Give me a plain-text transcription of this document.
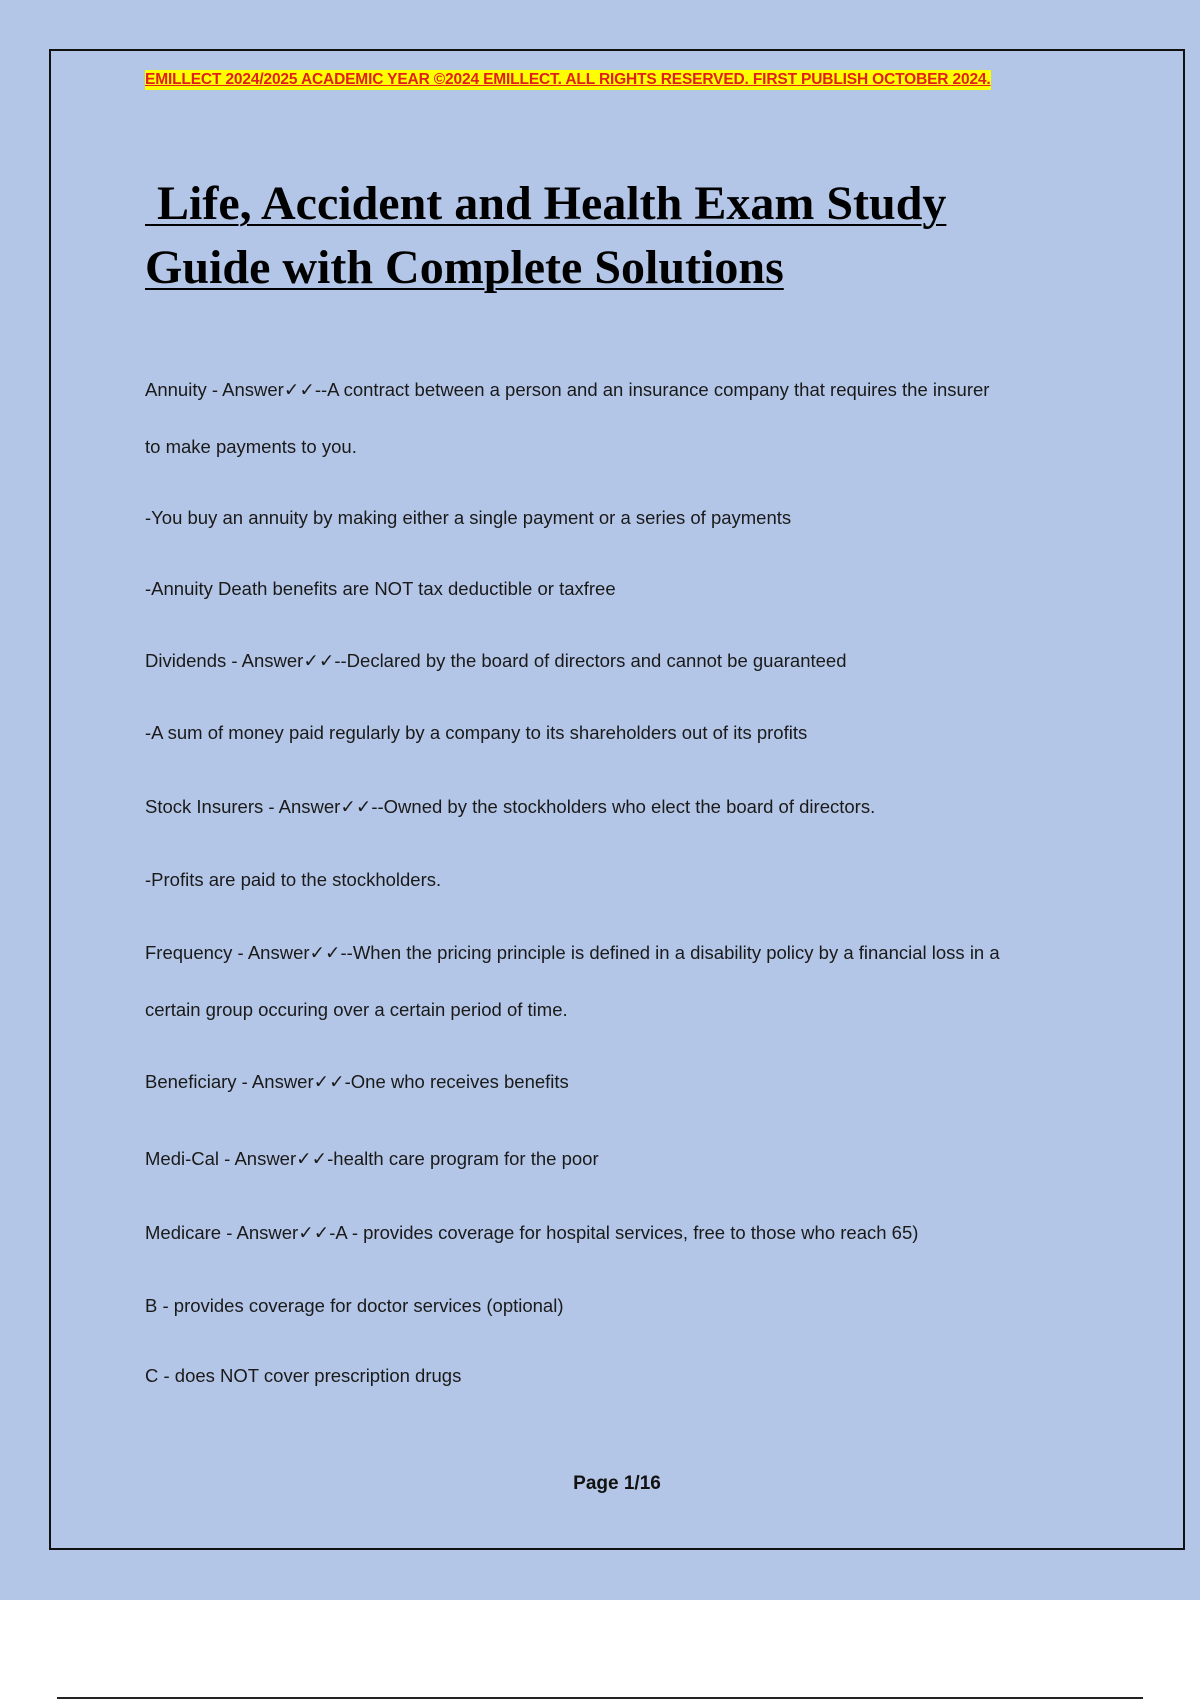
EMILLECT 2024/2025 ACADEMIC YEAR ©2024 EMILLECT. ALL RIGHTS RESERVED. FIRST PUBLISH OCTOBER 2024.
Life, Accident and Health Exam Study
Guide with Complete Solutions

Annuity - Answer✓✓--A contract between a person and an insurance company that requires the insurer

to make payments to you.

-You buy an annuity by making either a single payment or a series of payments

-Annuity Death benefits are NOT tax deductible or taxfree

Dividends - Answer✓✓--Declared by the board of directors and cannot be guaranteed

-A sum of money paid regularly by a company to its shareholders out of its profits

Stock Insurers - Answer✓✓--Owned by the stockholders who elect the board of directors.

-Profits are paid to the stockholders.

Frequency - Answer✓✓--When the pricing principle is defined in a disability policy by a financial loss in a

certain group occuring over a certain period of time.

Beneficiary - Answer✓✓-One who receives benefits

Medi-Cal - Answer✓✓-health care program for the poor

Medicare - Answer✓✓-A - provides coverage for hospital services, free to those who reach 65)

B - provides coverage for doctor services (optional)

C - does NOT cover prescription drugs

Page 1/16
